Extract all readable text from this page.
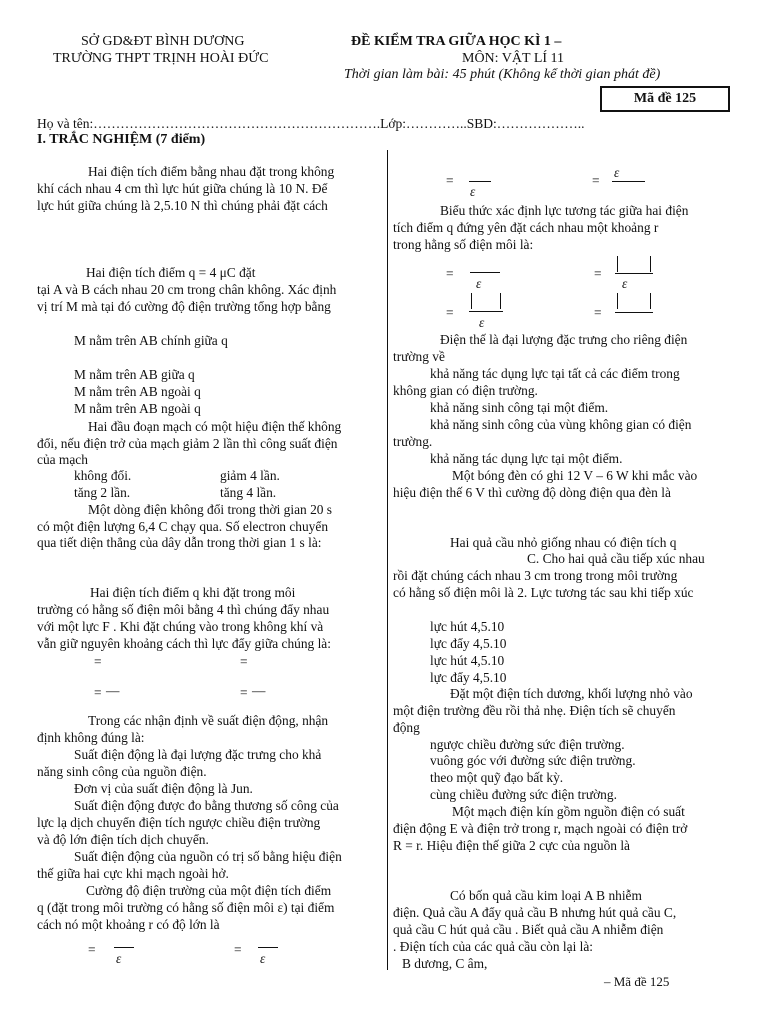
SỞ GD&ĐT BÌNH DƯƠNG
TRƯỜNG THPT TRỊNH HOÀI ĐỨC
ĐỀ KIỂM TRA GIỮA HỌC KÌ 1 –
MÔN: VẬT LÍ 11
Thời gian làm bài: 45 phút (Không kể thời gian phát đề)
Mã đề 125
Họ và tên:……………………………………………………….Lớp:…………..SBD:………………..
I. TRẮC NGHIỆM (7 điểm)
Hai điện tích điểm bằng nhau đặt trong không
khí cách nhau 4 cm thì lực hút giữa chúng là 10 N. Để
lực hút giữa chúng là 2,5.10 N thì chúng phải đặt cách
Hai điện tích điểm q = 4 μC đặt
tại A và B cách nhau 20 cm trong chân không. Xác định
vị trí M mà tại đó cường độ điện trường tổng hợp bằng
M nằm trên AB chính giữa q
M nằm trên AB giữa q
M nằm trên AB ngoài q
M nằm trên AB ngoài q
Hai đầu đoạn mạch có một hiệu điện thế không
đổi, nếu điện trở của mạch giảm 2 lần thì công suất điện
của mạch
không đổi.	giảm 4 lần.
tăng 2 lần.	tăng 4 lần.
Một dòng điện không đổi trong thời gian 20 s
có một điện lượng 6,4 C chạy qua. Số electron chuyển
qua tiết diện thẳng của dây dẫn trong thời gian 1 s là:
Hai điện tích điểm q khi đặt trong môi
trường có hằng số điện môi bằng 4 thì chúng đẩy nhau
với một lực F . Khi đặt chúng vào trong không khí và
vẫn giữ nguyên khoảng cách thì lực đẩy giữa chúng là:
=	=
= —	= —
Trong các nhận định về suất điện động, nhận
định không đúng là:
Suất điện động là đại lượng đặc trưng cho khả
năng sinh công của nguồn điện.
Đơn vị của suất điện động là Jun.
Suất điện động được đo bằng thương số công của
lực lạ dịch chuyển điện tích ngược chiều điện trường
và độ lớn điện tích dịch chuyển.
Suất điện động của nguồn có trị số bằng hiệu điện
thế giữa hai cực khi mạch ngoài hở.
Cường độ điện trường của một điện tích điểm
q (đặt trong môi trường có hằng số điện môi ε) tại điểm
cách nó một khoảng r có độ lớn là
=
ε
=
ε
=
ε
=
ε
Biểu thức xác định lực tương tác giữa hai điện
tích điểm q đứng yên đặt cách nhau một khoảng r
trong hằng số điện môi là:
=
ε
=
ε
=
ε
=
Điện thế là đại lượng đặc trưng cho riêng điện
trường về
khả năng tác dụng lực tại tất cả các điểm trong
không gian có điện trường.
khả năng sinh công tại một điểm.
khả năng sinh công của vùng không gian có điện
trường.
khả năng tác dụng lực tại một điểm.
Một bóng đèn có ghi 12 V – 6 W khi mắc vào
hiệu điện thế 6 V thì cường độ dòng điện qua đèn là
Hai quả cầu nhỏ giống nhau có điện tích q
C. Cho hai quả cầu tiếp xúc nhau
rồi đặt chúng cách nhau 3 cm trong trong môi trường
có hằng số điện môi là 2. Lực tương tác sau khi tiếp xúc
lực hút 4,5.10
lực đẩy 4,5.10
lực hút 4,5.10
lực đẩy 4,5.10
Đặt một điện tích dương, khối lượng nhỏ vào
một điện trường đều rồi thả nhẹ. Điện tích sẽ chuyển
động
ngược chiều đường sức điện trường.
vuông góc với đường sức điện trường.
theo một quỹ đạo bất kỳ.
cùng chiều đường sức điện trường.
Một mạch điện kín gồm nguồn điện có suất
điện động E và điện trở trong r, mạch ngoài có điện trở
R = r. Hiệu điện thế giữa 2 cực của nguồn là
Có bốn quả cầu kim loại A B nhiễm
điện. Quả cầu A đẩy quả cầu B nhưng hút quả cầu C,
quả cầu C hút quả cầu . Biết quả cầu A nhiễm điện
. Điện tích của các quả cầu còn lại là:
B dương, C âm,
– Mã đề 125
